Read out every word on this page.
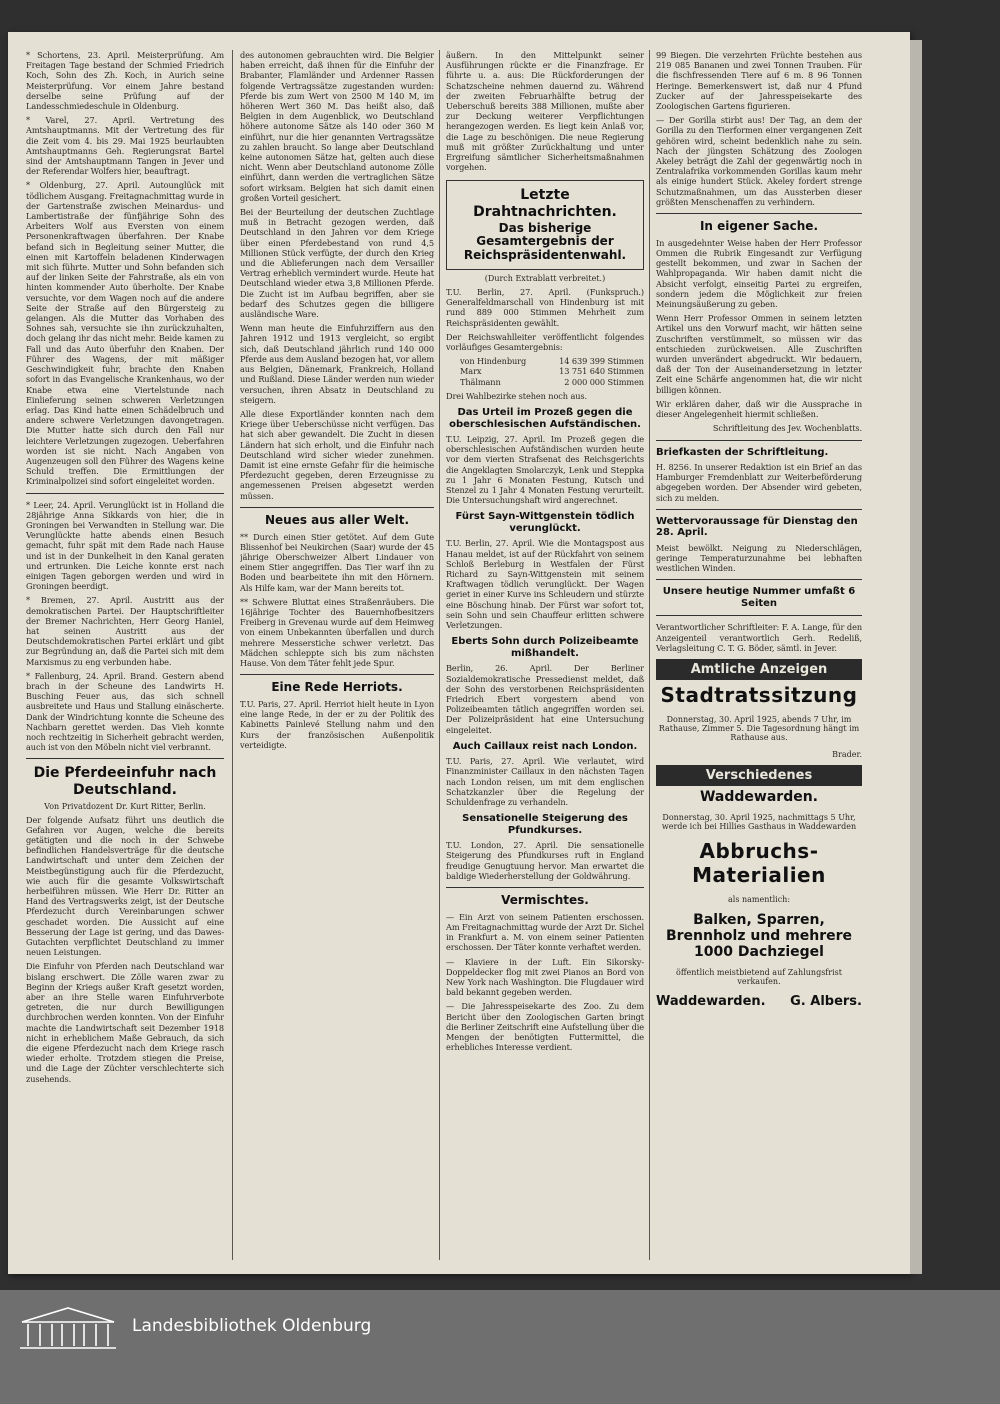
* Schortens, 23. April. Meisterprüfung. Am Freitagen Tage bestand der Schmied Friedrich Koch, Sohn des Zh. Koch, in Aurich seine Meisterprüfung. Vor einem Jahre bestand derselbe seine Prüfung auf der Landesschmiedeschule in Oldenburg.

* Varel, 27. April. Vertretung des Amtshauptmanns. Mit der Vertretung des für die Zeit vom 4. bis 29. Mai 1925 beurlaubten Amtshauptmanns Geh. Regierungsrat Bartel sind der Amtshauptmann Tangen in Jever und der Referendar Wolfers hier, beauftragt.

* Oldenburg, 27. April. Autounglück mit tödlichem Ausgang. Freitagnachmittag wurde in der Gartenstraße zwischen Meinardus- und Lambertistraße der fünfjährige Sohn des Arbeiters Wolf aus Eversten von einem Personenkraftwagen überfahren. Der Knabe befand sich in Begleitung seiner Mutter, die einen mit Kartoffeln beladenen Kinderwagen mit sich führte. Mutter und Sohn befanden sich auf der linken Seite der Fahrstraße, als ein von hinten kommender Auto überholte. Der Knabe versuchte, vor dem Wagen noch auf die andere Seite der Straße auf den Bürgersteig zu gelangen. Als die Mutter das Vorhaben des Sohnes sah, versuchte sie ihn zurückzuhalten, doch gelang ihr das nicht mehr. Beide kamen zu Fall und das Auto überfuhr den Knaben. Der Führer des Wagens, der mit mäßiger Geschwindigkeit fuhr, brachte den Knaben sofort in das Evangelische Krankenhaus, wo der Knabe etwa eine Viertelstunde nach Einlieferung seinen schweren Verletzungen erlag. Das Kind hatte einen Schädelbruch und andere schwere Verletzungen davongetragen. Die Mutter hatte sich durch den Fall nur leichtere Verletzungen zugezogen. Ueberfahren worden ist sie nicht. Nach Angaben von Augenzeugen soll den Führer des Wagens keine Schuld treffen. Die Ermittlungen der Kriminalpolizei sind sofort eingeleitet worden.

* Leer, 24. April. Verunglückt ist in Holland die 28jährige Anna Sikkards von hier, die in Groningen bei Verwandten in Stellung war. Die Verunglückte hatte abends einen Besuch gemacht, fuhr spät mit dem Rade nach Hause und ist in der Dunkelheit in den Kanal geraten und ertrunken. Die Leiche konnte erst nach einigen Tagen geborgen werden und wird in Groningen beerdigt.

* Bremen, 27. April. Austritt aus der demokratischen Partei. Der Hauptschriftleiter der Bremer Nachrichten, Herr Georg Haniel, hat seinen Austritt aus der Deutschdemokratischen Partei erklärt und gibt zur Begründung an, daß die Partei sich mit dem Marxismus zu eng verbunden habe.

* Fallenburg, 24. April. Brand. Gestern abend brach in der Scheune des Landwirts H. Busching Feuer aus, das sich schnell ausbreitete und Haus und Stallung einäscherte. Dank der Windrichtung konnte die Scheune des Nachbarn gerettet werden. Das Vieh konnte noch rechtzeitig in Sicherheit gebracht werden, auch ist von den Möbeln nicht viel verbrannt.

Die Pferdeeinfuhr nach Deutschland.

Von Privatdozent Dr. Kurt Ritter, Berlin.

Der folgende Aufsatz führt uns deutlich die Gefahren vor Augen, welche die bereits getätigten und die noch in der Schwebe befindlichen Handelsverträge für die deutsche Landwirtschaft und unter dem Zeichen der Meistbegünstigung auch für die Pferdezucht, wie auch für die gesamte Volkswirtschaft herbeiführen müssen. Wie Herr Dr. Ritter an Hand des Vertragswerks zeigt, ist der Deutsche Pferdezucht durch Vereinbarungen schwer geschadet worden. Die Aussicht auf eine Besserung der Lage ist gering, und das Dawes-Gutachten verpflichtet Deutschland zu immer neuen Leistungen.

Die Einfuhr von Pferden nach Deutschland war bislang erschwert. Die Zölle waren zwar zu Beginn der Kriegs außer Kraft gesetzt worden, aber an ihre Stelle waren Einfuhrverbote getreten, die nur durch Bewilligungen durchbrochen werden konnten. Von der Einfuhr machte die Landwirtschaft seit Dezember 1918 nicht in erheblichem Maße Gebrauch, da sich die eigene Pferdezucht nach dem Kriege rasch wieder erholte. Trotzdem stiegen die Preise, und die Lage der Züchter verschlechterte sich zusehends.

des autonomen gebrauchten wird. Die Belgier haben erreicht, daß ihnen für die Einfuhr der Brabanter, Flamländer und Ardenner Rassen folgende Vertragssätze zugestanden wurden: Pferde bis zum Wert von 2500 M 140 M, im höheren Wert 360 M. Das heißt also, daß Belgien in dem Augenblick, wo Deutschland höhere autonome Sätze als 140 oder 360 M einführt, nur die hier genannten Vertragssätze zu zahlen braucht. So lange aber Deutschland keine autonomen Sätze hat, gelten auch diese nicht. Wenn aber Deutschland autonome Zölle einführt, dann werden die vertraglichen Sätze sofort wirksam. Belgien hat sich damit einen großen Vorteil gesichert.

Bei der Beurteilung der deutschen Zuchtlage muß in Betracht gezogen werden, daß Deutschland in den Jahren vor dem Kriege über einen Pferdebestand von rund 4,5 Millionen Stück verfügte, der durch den Krieg und die Ablieferungen nach dem Versailler Vertrag erheblich vermindert wurde. Heute hat Deutschland wieder etwa 3,8 Millionen Pferde. Die Zucht ist im Aufbau begriffen, aber sie bedarf des Schutzes gegen die billigere ausländische Ware.

Wenn man heute die Einfuhrziffern aus den Jahren 1912 und 1913 vergleicht, so ergibt sich, daß Deutschland jährlich rund 140 000 Pferde aus dem Ausland bezogen hat, vor allem aus Belgien, Dänemark, Frankreich, Holland und Rußland. Diese Länder werden nun wieder versuchen, ihren Absatz in Deutschland zu steigern.

Alle diese Exportländer konnten nach dem Kriege über Ueberschüsse nicht verfügen. Das hat sich aber gewandelt. Die Zucht in diesen Ländern hat sich erholt, und die Einfuhr nach Deutschland wird sicher wieder zunehmen. Damit ist eine ernste Gefahr für die heimische Pferdezucht gegeben, deren Erzeugnisse zu angemessenen Preisen abgesetzt werden müssen.

Neues aus aller Welt.

** Durch einen Stier getötet. Auf dem Gute Blissenhof bei Neukirchen (Saar) wurde der 45 jährige Oberschweizer Albert Lindauer von einem Stier angegriffen. Das Tier warf ihn zu Boden und bearbeitete ihn mit den Hörnern. Als Hilfe kam, war der Mann bereits tot.

** Schwere Bluttat eines Straßenräubers. Die 16jährige Tochter des Bauernhofbesitzers Freiberg in Grevenau wurde auf dem Heimweg von einem Unbekannten überfallen und durch mehrere Messerstiche schwer verletzt. Das Mädchen schleppte sich bis zum nächsten Hause. Von dem Täter fehlt jede Spur.

Eine Rede Herriots.

T.U. Paris, 27. April. Herriot hielt heute in Lyon eine lange Rede, in der er zu der Politik des Kabinetts Painlevé Stellung nahm und den Kurs der französischen Außenpolitik verteidigte.

äußern. In den Mittelpunkt seiner Ausführungen rückte er die Finanzfrage. Er führte u. a. aus: Die Rückforderungen der Schatzscheine nehmen dauernd zu. Während der zweiten Februarhälfte betrug der Ueberschuß bereits 388 Millionen, mußte aber zur Deckung weiterer Verpflichtungen herangezogen werden. Es liegt kein Anlaß vor, die Lage zu beschönigen. Die neue Regierung muß mit größter Zurückhaltung und unter Ergreifung sämtlicher Sicherheitsmaßnahmen vorgehen.

Letzte Drahtnachrichten.
Das bisherige Gesamtergebnis der Reichspräsidentenwahl.

(Durch Extrablatt verbreitet.)

T.U. Berlin, 27. April. (Funkspruch.) Generalfeldmarschall von Hindenburg ist mit rund 889 000 Stimmen Mehrheit zum Reichspräsidenten gewählt.

Der Reichswahlleiter veröffentlicht folgendes vorläufiges Gesamtergebnis:

von Hindenburg	14 639 399 Stimmen
Marx	13 751 640 Stimmen
Thälmann	2 000 000 Stimmen

Drei Wahlbezirke stehen noch aus.

Das Urteil im Prozeß gegen die oberschlesischen Aufständischen.

T.U. Leipzig, 27. April. Im Prozeß gegen die oberschlesischen Aufständischen wurden heute vor dem vierten Strafsenat des Reichsgerichts die Angeklagten Smolarczyk, Lenk und Steppka zu 1 Jahr 6 Monaten Festung, Kutsch und Stenzel zu 1 Jahr 4 Monaten Festung verurteilt. Die Untersuchungshaft wird angerechnet.

Fürst Sayn-Wittgenstein tödlich verunglückt.

T.U. Berlin, 27. April. Wie die Montagspost aus Hanau meldet, ist auf der Rückfahrt von seinem Schloß Berleburg in Westfalen der Fürst Richard zu Sayn-Wittgenstein mit seinem Kraftwagen tödlich verunglückt. Der Wagen geriet in einer Kurve ins Schleudern und stürzte eine Böschung hinab. Der Fürst war sofort tot, sein Sohn und sein Chauffeur erlitten schwere Verletzungen.

Eberts Sohn durch Polizeibeamte mißhandelt.

Berlin, 26. April. Der Berliner Sozialdemokratische Pressedienst meldet, daß der Sohn des verstorbenen Reichspräsidenten Friedrich Ebert vorgestern abend von Polizeibeamten tätlich angegriffen worden sei. Der Polizeipräsident hat eine Untersuchung eingeleitet.

Auch Caillaux reist nach London.

T.U. Paris, 27. April. Wie verlautet, wird Finanzminister Caillaux in den nächsten Tagen nach London reisen, um mit dem englischen Schatzkanzler über die Regelung der Schuldenfrage zu verhandeln.

Sensationelle Steigerung des Pfundkurses.

T.U. London, 27. April. Die sensationelle Steigerung des Pfundkurses ruft in England freudige Genugtuung hervor. Man erwartet die baldige Wiederherstellung der Goldwährung.

Vermischtes.

— Ein Arzt von seinem Patienten erschossen. Am Freitagnachmittag wurde der Arzt Dr. Sichel in Frankfurt a. M. von einem seiner Patienten erschossen. Der Täter konnte verhaftet werden.

— Klaviere in der Luft. Ein Sikorsky-Doppeldecker flog mit zwei Pianos an Bord von New York nach Washington. Die Flugdauer wird bald bekannt gegeben werden.

— Die Jahresspeisekarte des Zoo. Zu dem Bericht über den Zoologischen Garten bringt die Berliner Zeitschrift eine Aufstellung über die Mengen der benötigten Futtermittel, die erhebliches Interesse verdient.

99 Biegen. Die verzehrten Früchte bestehen aus 219 085 Bananen und zwei Tonnen Trauben. Für die fischfressenden Tiere auf 6 m. 8 96 Tonnen Heringe. Bemerkenswert ist, daß nur 4 Pfund Zucker auf der Jahresspeisekarte des Zoologischen Gartens figurieren.

— Der Gorilla stirbt aus! Der Tag, an dem der Gorilla zu den Tierformen einer vergangenen Zeit gehören wird, scheint bedenklich nahe zu sein. Nach der jüngsten Schätzung des Zoologen Akeley beträgt die Zahl der gegenwärtig noch in Zentralafrika vorkommenden Gorillas kaum mehr als einige hundert Stück. Akeley fordert strenge Schutzmaßnahmen, um das Aussterben dieser größten Menschenaffen zu verhindern.

In eigener Sache.

In ausgedehnter Weise haben der Herr Professor Ommen die Rubrik Eingesandt zur Verfügung gestellt bekommen, und zwar in Sachen der Wahlpropaganda. Wir haben damit nicht die Absicht verfolgt, einseitig Partei zu ergreifen, sondern jedem die Möglichkeit zur freien Meinungsäußerung zu geben.

Wenn Herr Professor Ommen in seinem letzten Artikel uns den Vorwurf macht, wir hätten seine Zuschriften verstümmelt, so müssen wir das entschieden zurückweisen. Alle Zuschriften wurden unverändert abgedruckt. Wir bedauern, daß der Ton der Auseinandersetzung in letzter Zeit eine Schärfe angenommen hat, die wir nicht billigen können.

Wir erklären daher, daß wir die Aussprache in dieser Angelegenheit hiermit schließen.

Schriftleitung des Jev. Wochenblatts.

Briefkasten der Schriftleitung.

H. 8256. In unserer Redaktion ist ein Brief an das Hamburger Fremdenblatt zur Weiterbeförderung abgegeben worden. Der Absender wird gebeten, sich zu melden.

Wettervoraussage für Dienstag den 28. April.

Meist bewölkt. Neigung zu Niederschlägen, geringe Temperaturzunahme bei lebhaften westlichen Winden.

Unsere heutige Nummer umfaßt 6 Seiten

Verantwortlicher Schriftleiter: F. A. Lange, für den Anzeigenteil verantwortlich Gerh. Redeliß, Verlagsleitung C. T. G. Böder, sämtl. in Jever.

Amtliche Anzeigen
Stadtratssitzung

Donnerstag, 30. April 1925, abends 7 Uhr, im Rathause, Zimmer 5. Die Tagesordnung hängt im Rathause aus.

Brader.

Verschiedenes
Waddewarden.

Donnerstag, 30. April 1925, nachmittags 5 Uhr, werde ich bei Hillies Gasthaus in Waddewarden

Abbruchs-Materialien

als namentlich:

Balken, Sparren, Brennholz und mehrere 1000 Dachziegel

öffentlich meistbietend auf Zahlungsfrist verkaufen.

Waddewarden. G. Albers.
Landesbibliothek Oldenburg
